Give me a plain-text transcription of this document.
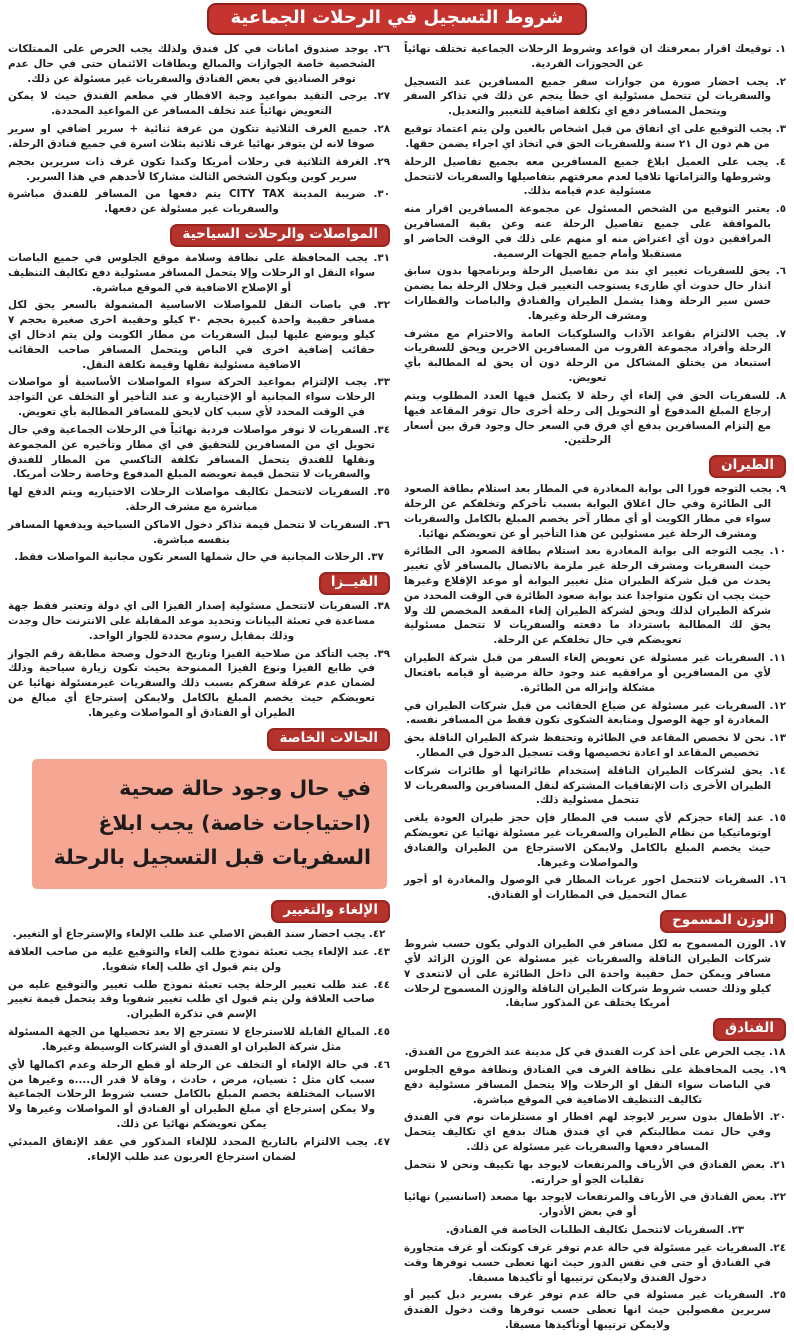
شروط التسجيل في الرحلات الجماعية
١. توقيعك اقرار بمعرفتك ان قواعد وشروط الرحلات الجماعية تختلف نهائياً عن الحجوزات الفردية.
٢. يجب احضار صورة من جوازات سفر جميع المسافرين عند التسجيل والسفريات لن تتحمل مسئولية اي خطأ ينجم عن ذلك في تذاكر السفر ويتحمل المسافر دفع اي تكلفة اضافية للتغيير والتعديل.
٣. يجب التوقيع على اي اتفاق من قبل اشخاص بالغين ولن يتم اعتماد توقيع من هم دون ال ٢١ سنة وللسفريات الحق في اتخاذ اي اجراء يضمن حقها.
٤. يجب على العميل ابلاغ جميع المسافرين معه بجميع تفاصيل الرحلة وشروطها والتزاماتها تلافيا لعدم معرفتهم بتفاصيلها والسفريات لاتتحمل مسئولية عدم قيامه بذلك.
٥. يعتبر التوقيع من الشخص المسئول عن مجموعة المسافرين اقرار منه بالموافقة على جميع تفاصيل الرحلة عنه وعن بقية المسافرين المرافقين دون أي اعتراض منه او منهم على ذلك في الوقت الحاضر او مستقبلا وأمام جميع الجهات الرسمية.
٦. يحق للسفريات تغيير اي بند من تفاصيل الرحلة وبرنامجها بدون سابق انذار حال حدوث أي طارىء يستوجب التغيير قبل وخلال الرحلة بما يضمن حسن سير الرحلة وهذا يشمل الطيران والفنادق والباصات والقطارات ومشرف الرحلة وغيرها.
٧. يجب الالتزام بقواعد الآداب والسلوكيات العامة والاحترام مع مشرف الرحلة وأفراد مجموعة القروب من المسافرين الاخرين ويحق للسفريات استبعاد من يختلق المشاكل من الرحلة دون أن يحق له المطالبة بأي تعويض.
٨. للسفريات الحق في إلغاء أي رحلة لا يكتمل فيها العدد المطلوب ويتم إرجاع المبلغ المدفوع أو التحويل إلى رحلة أخرى حال توفر المقاعد فيها مع إلتزام المسافرين بدفع أي فرق في السعر حال وجود فرق بين أسعار الرحلتين.
الطيران
٩. يجب التوجه فورا الى بوابة المغادرة في المطار بعد استلام بطاقة الصعود الى الطائرة وفي حال اغلاق البوابة بسبب تأخركم وتخلفكم عن الرحلة سواء في مطار الكويت أو أي مطار آخر يخصم المبلغ بالكامل والسفريات ومشرف الرحلة غير مسئولين عن هذا التأخير أو عن تعويضكم نهائيا.
١٠. يجب التوجه الى بوابة المغادرة بعد استلام بطاقة الصعود الى الطائرة حيث السفريات ومشرف الرحلة غير ملزمة بالاتصال بالمسافر لأي تغيير يحدث من قبل شركة الطيران مثل تغيير البوابة أو موعد الإقلاع وغيرها حيث يجب ان تكون متواجدا عند بوابة صعود الطائرة في الوقت المحدد من شركة الطيران لذلك ويحق لشركة الطيران إلغاء المقعد المخصص لك ولا يحق لك المطالبة باسترداد ما دفعته والسفريات لا تتحمل مسئولية تعويضكم في حال تخلفكم عن الرحلة.
١١. السفريات غير مسئولة عن تعويض إلغاء السفر من قبل شركة الطيران لأي من المسافرين أو مرافقيه عند وجود حالة مرضية أو قيامه بافتعال مشكلة وإنزاله من الطائرة.
١٢. السفريات غير مسئولة عن ضياع الحقائب من قبل شركات الطيران في المغادرة او جهة الوصول ومتابعة الشكوى تكون فقط من المسافر نفسه.
١٣. نحن لا نخصص المقاعد في الطائرة وتحتفظ شركة الطيران الناقلة بحق تخصيص المقاعد او اعادة تخصيصها وقت تسجيل الدخول في المطار.
١٤. يحق لشركات الطيران الناقلة إستخدام طائراتها أو طائرات شركات الطيران الأخرى ذات الإتفاقيات المشتركة لنقل المسافرين والسفريات لا تتحمل مسئولية ذلك.
١٥. عند إلغاء حجزكم لأي سبب في المطار فإن حجز طيران العودة يلغى اوتوماتيكيا من نظام الطيران والسفريات غير مسئولة نهائيا عن تعويضكم حيث يخصم المبلغ بالكامل ولايمكن الاسترجاع من الطيران والفنادق والمواصلات وغيرها.
١٦. السفريات لاتتحمل اجور عربات المطار في الوصول والمغادرة او أجور عمال التحميل في المطارات أو الفنادق.
الوزن المسموح
١٧. الوزن المسموح به لكل مسافر في الطيران الدولي يكون حسب شروط شركات الطيران الناقلة والسفريات غير مسئولة عن الوزن الزائد لأي مسافر ويمكن حمل حقيبة واحدة الى داخل الطائرة على أن لاتتعدى ٧ كيلو وذلك حسب شروط شركات الطيران الناقلة والوزن المسموح لرحلات أمريكا يختلف عن المذكور سابقا.
الفنادق
١٨. يجب الحرص على أخذ كرت الفندق في كل مدينة عند الخروج من الفندق.
١٩. يجب المحافظة على نظافة الغرف في الفنادق ونظافة موقع الجلوس في الباصات سواء النقل او الرحلات وإلا يتحمل المسافر مسئولية دفع تكاليف التنظيف الاضافية في الموقع مباشرة.
٢٠. الأطفال بدون سرير لايوجد لهم افطار او مستلزمات نوم في الفندق وفي حال تمت مطالبتكم في اي فندق هناك بدفع اي تكاليف يتحمل المسافر دفعها والسفريات غير مسئولة عن ذلك.
٢١. بعض الفنادق في الأرياف والمرتفعات لايوجد بها تكييف ونحن لا نتحمل تقلبات الجو أو حرارته.
٢٢. بعض الفنادق في الأرياف والمرتفعات لايوجد بها مصعد (اسانسير) نهائيا أو في بعض الأدوار.
٢٣. السفريات لاتتحمل تكاليف الطلبات الخاصة في الفنادق.
٢٤. السفريات غير مسئولة في حالة عدم توفر غرف كونكت أو غرف متجاورة في الفنادق أو حتى في نفس الدور حيث انها تعطى حسب توفرها وقت دخول الفندق ولايمكن ترتيبها أو تأكيدها مسبقا.
٢٥. السفريات غير مسئولة في حالة عدم توفر غرف بسرير دبل كبير أو سريرين مفصولين حيث انها تعطى حسب توفرها وقت دخول الفندق ولايمكن ترتيبها أوتأكيدها مسبقا.
٢٦. يوجد صندوق امانات في كل فندق ولذلك يجب الحرص على الممتلكات الشخصية خاصة الجوازات والمبالغ وبطاقات الائتمان حتى في حال عدم توفر الصناديق في بعض الفنادق والسفريات غير مسئولة عن ذلك.
٢٧. يرجى التقيد بمواعيد وجبة الافطار في مطعم الفندق حيث لا يمكن التعويض نهائياً عند تخلف المسافر عن المواعيد المحددة.
٢٨. جميع الغرف الثلاثية تتكون من غرفة ثنائية + سرير اضافي او سرير صوفا لانه لن يتوفر نهائيا غرف ثلاثية بثلاث اسرة في جميع فنادق الرحلة.
٢٩. الغرفة الثلاثية في رحلات أمريكا وكندا تكون غرف ذات سريرين بحجم سرير كوين ويكون الشخص الثالث مشاركا لأحدهم في هذا السرير.
٣٠. ضريبة المدينة CITY TAX يتم دفعها من المسافر للفندق مباشرة والسفريات غير مسئولة عن دفعها.
المواصلات والرحلات السياحية
٣١. يجب المحافظة على نظافة وسلامة موقع الجلوس في جميع الباصات سواء النقل او الرحلات وإلا يتحمل المسافر مسئولية دفع تكاليف التنظيف أو الإصلاح الاضافية في الموقع مباشرة.
٣٢. في باصات النقل للمواصلات الاساسية المشمولة بالسعر يحق لكل مسافر حقيبة واحدة كبيرة بحجم ٣٠ كيلو وحقيبة اخرى صغيرة بحجم ٧ كيلو ويوضع عليها ليبل السفريات من مطار الكويت ولن يتم ادخال اي حقائب إضافية اخرى في الباص ويتحمل المسافر صاحب الحقائب الاضافية مسئولية نقلها وقيمة تكلفة النقل.
٣٣. يجب الإلتزام بمواعيد الحركة سواء المواصلات الأساسية أو مواصلات الرحلات سواء المجانية أو الإختيارية و عند التأخير أو التخلف عن التواجد في الوقت المحدد لأي سبب كان لايحق للمسافر المطالبة بأي تعويض.
٣٤. السفريات لا توفر مواصلات فردية نهائياً في الرحلات الجماعية وفي حال تحويل اي من المسافرين للتحقيق في اي مطار وتأخيره عن المجموعة ونقلها للفندق يتحمل المسافر تكلفة التاكسي من المطار للفندق والسفريات لا تتحمل قيمة تعويضه المبلغ المدفوع وخاصة رحلات أمريكا.
٣٥. السفريات لاتتحمل تكاليف مواصلات الرحلات الاختياريه ويتم الدفع لها مباشرة مع مشرف الرحلة.
٣٦. السفريات لا تتحمل قيمة تذاكر دخول الاماكن السياحية ويدفعها المسافر بنفسه مباشرة.
٣٧. الرحلات المجانية في حال شملها السعر تكون مجانية المواصلات فقط.
الفيــزا
٣٨. السفريات لاتتحمل مسئولية إصدار الفيزا الى اي دولة وتعتبر فقط جهة مساعدة في تعبئة البيانات وتحديد موعد المقابلة على الانترنت حال وجدت وذلك بمقابل رسوم محددة للجواز الواحد.
٣٩. يجب التأكد من صلاحية الفيزا وتاريخ الدخول وصحة مطابقة رقم الجواز في طابع الفيزا ونوع الفيزا الممنوحة بحيث تكون زيارة سياحية وذلك لضمان عدم عرقلة سفركم بسبب ذلك والسفريات غيرمسئولة نهائيا عن تعويضكم حيث يخصم المبلغ بالكامل ولايمكن إسترجاع أي مبالغ من الطيران أو الفنادق أو المواصلات وغيرها.
الحالات الخاصة
في حال وجود حالة صحية (احتياجات خاصة) يجب ابلاغ السفريات قبل التسجيل بالرحلة
الإلغاء والتغيير
٤٢. يجب احضار سند القبض الاصلي عند طلب الإلغاء والإسترجاع أو التغيير.
٤٣. عند الإلغاء يجب تعبئة نموذج طلب إلغاء والتوقيع عليه من صاحب العلاقة ولن يتم قبول اي طلب إلغاء شفويا.
٤٤. عند طلب تغيير الرحلة يجب تعبئة نموذج طلب تغيير والتوقيع عليه من صاحب العلاقة ولن يتم قبول اي طلب تغيير شفويا وقد يتحمل قيمة تغيير الإسم في تذكرة الطيران.
٤٥. المبالغ القابلة للاسترجاع لا تسترجع إلا بعد تحصيلها من الجهة المسئولة مثل شركة الطيران او الفندق أو الشركات الوسيطة وغيرها.
٤٦. في حالة الإلغاء أو التخلف عن الرحلة أو قطع الرحلة وعدم اكمالها لأي سبب كان مثل : نسيان، مرض ، حادث ، وفاة لا قدر ال....ه وغيرها من الاسباب المختلفة يخصم المبلغ بالكامل حسب شروط الرحلات الجماعية ولا يمكن إسترجاع أي مبلغ الطيران أو الفنادق أو المواصلات وغيرها ولا يمكن تعويضكم نهائيا عن ذلك.
٤٧. يجب الالتزام بالتاريخ المحدد للإلغاء المذكور في عقد الإتفاق المبدئي لضمان استرجاع العربون عند طلب الإلغاء.
